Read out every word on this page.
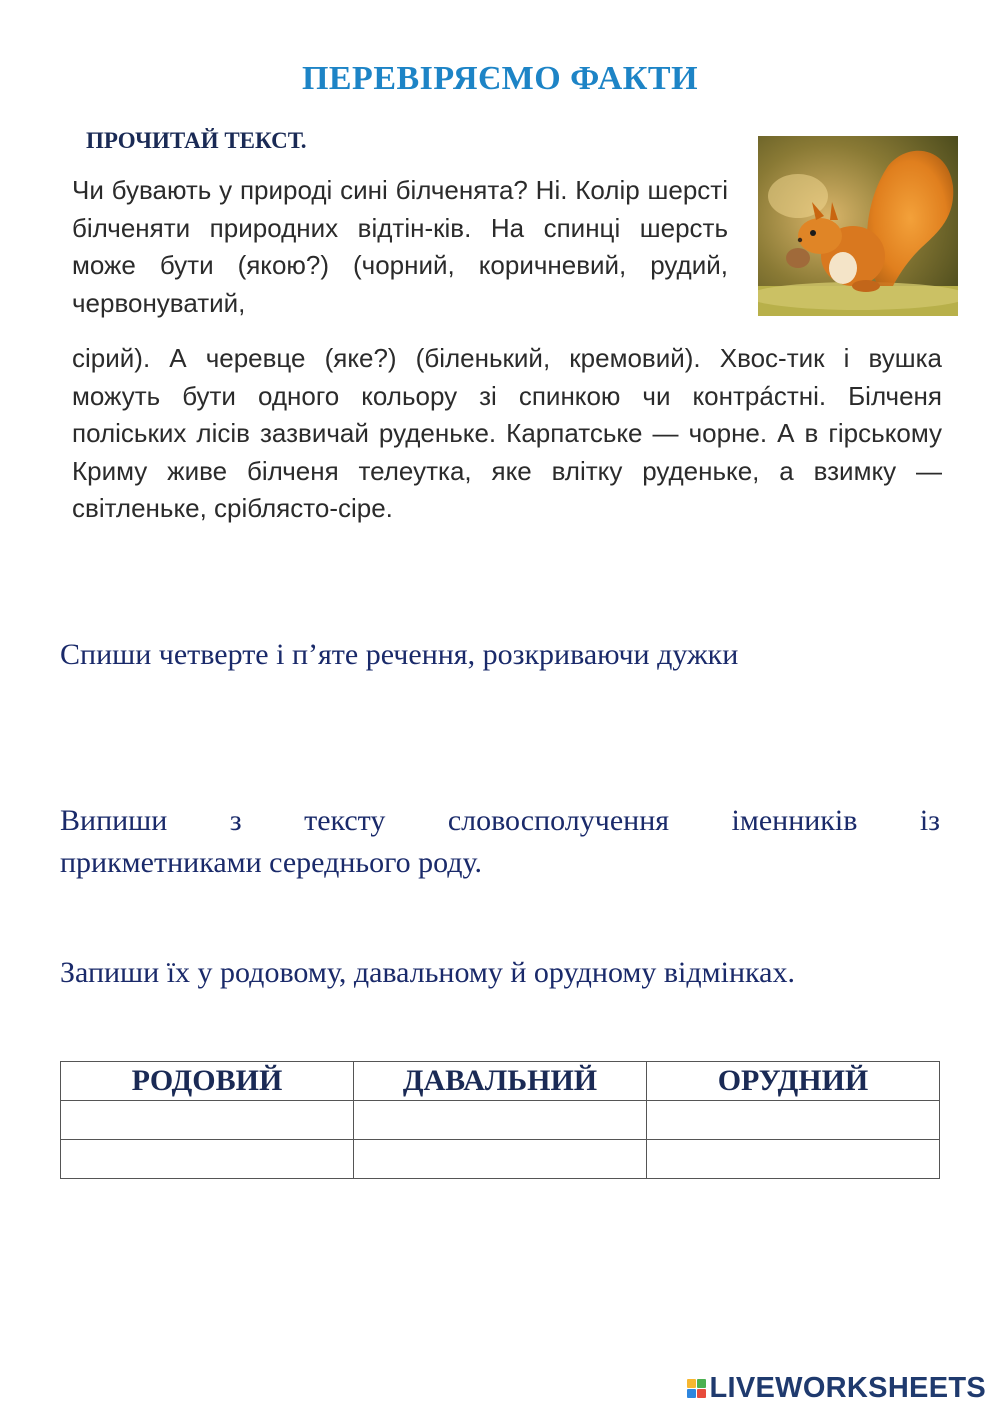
ПЕРЕВІРЯЄМО ФАКТИ
ПРОЧИТАЙ ТЕКСТ.

Чи бувають у природі сині білченята? Ні. Колір шерсті білченяти природних відтін-ків. На спинці шерсть може бути (якою?) (чорний, коричневий, рудий, червонуватий,

сірий). А черевце (яке?) (біленький, кремовий). Хвос-тик і вушка можуть бути одного кольору зі спинкою чи контрáстні. Білченя поліських лісів зазвичай руденьке. Карпатське — чорне. А в гірському Криму живе білченя телеутка, яке влітку руденьке, а взимку — світленьке, сріблясто-сіре.

Спиши четверте і п’яте речення, розкриваючи дужки
Випиши з тексту словосполучення іменників із
прикметниками середнього роду.
Запиши їх у родовому, давальному й орудному відмінках.
РОДОВИЙ	ДАВАЛЬНИЙ	ОРУДНИЙ

LIVEWORKSHEETS
